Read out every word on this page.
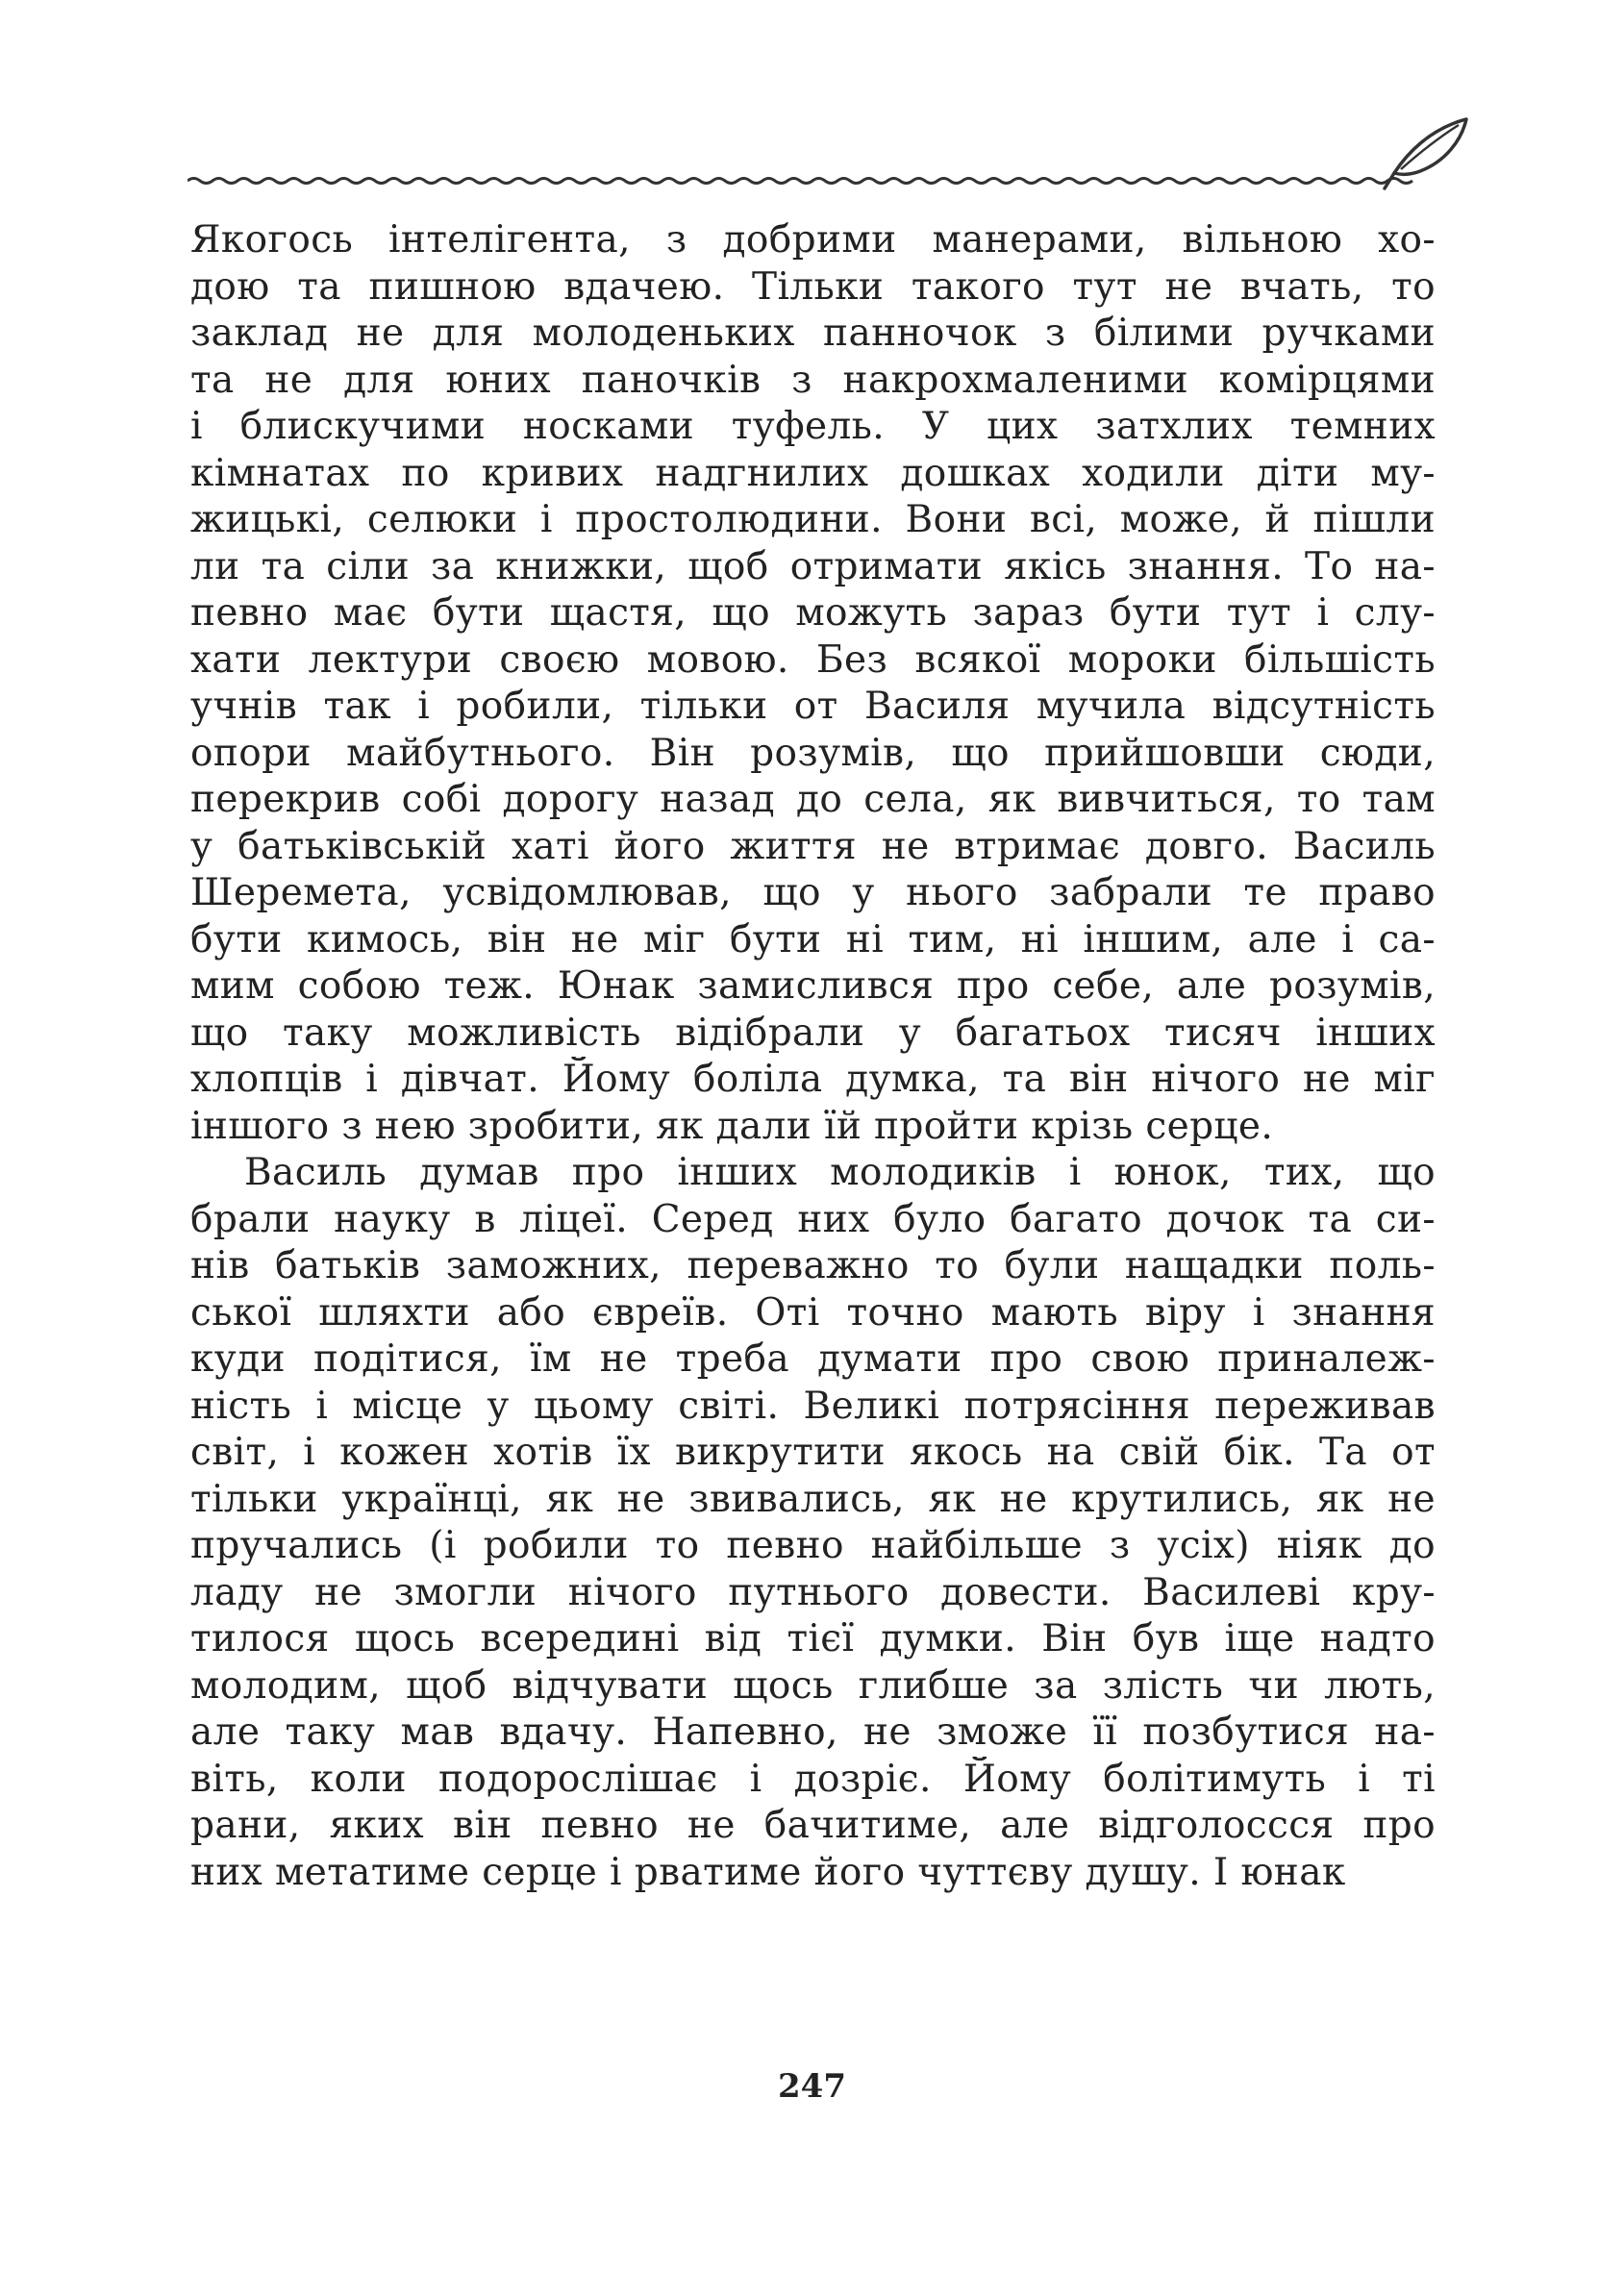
Якогось інтелігента, з добрими манерами, вільною хо-
дою та пишною вдачею. Тільки такого тут не вчать, то
заклад не для молоденьких панночок з білими ручками
та не для юних паночків з накрохмаленими комірцями
і блискучими носками туфель. У цих затхлих темних
кімнатах по кривих надгнилих дошках ходили діти му-
жицькі, селюки і простолюдини. Вони всі, може, й пішли
ли та сіли за книжки, щоб отримати якісь знання. То на-
певно має бути щастя, що можуть зараз бути тут і слу-
хати лектури своєю мовою. Без всякої мороки більшість
учнів так і робили, тільки от Василя мучила відсутність
опори майбутнього. Він розумів, що прийшовши сюди,
перекрив собі дорогу назад до села, як вивчиться, то там
у батьківській хаті його життя не втримає довго. Василь
Шеремета, усвідомлював, що у нього забрали те право
бути кимось, він не міг бути ні тим, ні іншим, але і са-
мим собою теж. Юнак замислився про себе, але розумів,
що таку можливість відібрали у багатьох тисяч інших
хлопців і дівчат. Йому боліла думка, та він нічого не міг
іншого з нею зробити, як дали їй пройти крізь серце.
Василь думав про інших молодиків і юнок, тих, що
брали науку в ліцеї. Серед них було багато дочок та си-
нів батьків заможних, переважно то були нащадки поль-
ської шляхти або євреїв. Оті точно мають віру і знання
куди подітися, їм не треба думати про свою приналеж-
ність і місце у цьому світі. Великі потрясіння переживав
світ, і кожен хотів їх викрутити якось на свій бік. Та от
тільки українці, як не звивались, як не крутились, як не
пручались (і робили то певно найбільше з усіх) ніяк до
ладу не змогли нічого путнього довести. Василеві кру-
тилося щось всередині від тієї думки. Він був іще надто
молодим, щоб відчувати щось глибше за злість чи лють,
але таку мав вдачу. Напевно, не зможе її позбутися на-
віть, коли подорослішає і дозріє. Йому болітимуть і ті
рани, яких він певно не бачитиме, але відголоссся про
них метатиме серце і рватиме його чуттєву душу. І юнак
247
